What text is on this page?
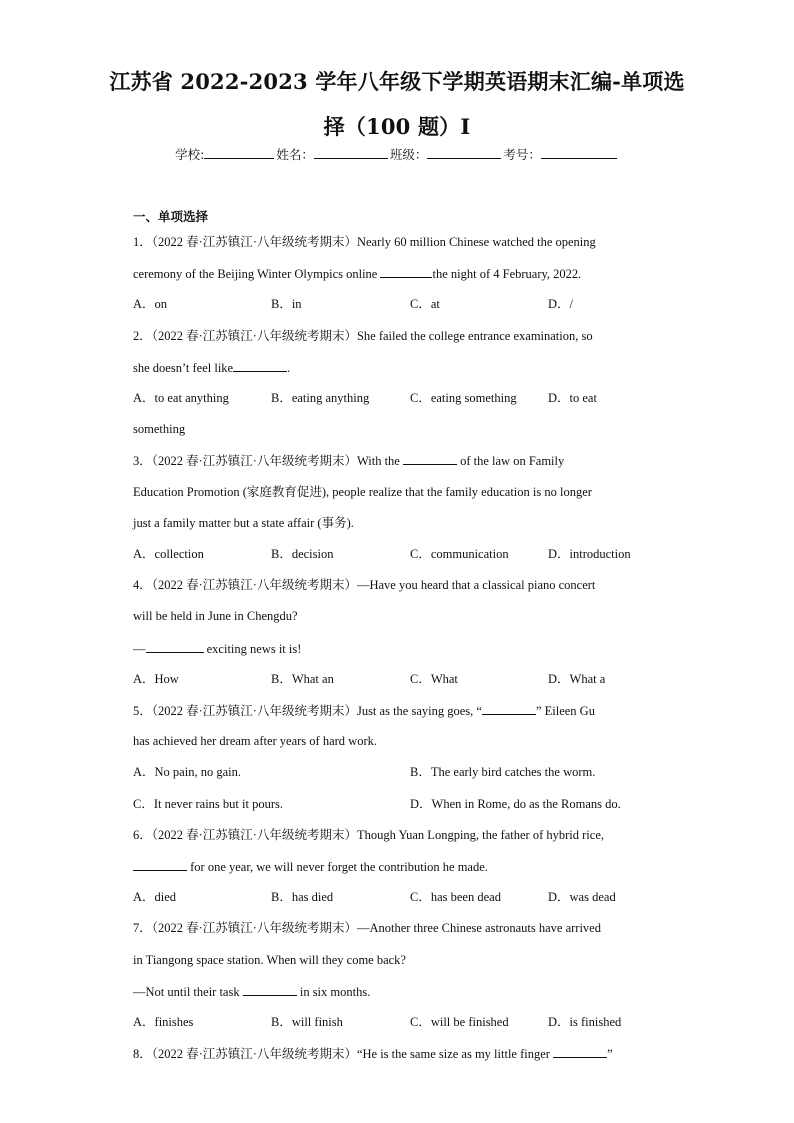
江苏省 2022-2023 学年八年级下学期英语期末汇编-单项选
择（100 题）I
学校:	姓名：	班级：	考号：
一、单项选择
1．（2022 春·江苏镇江·八年级统考期末）Nearly 60 million Chinese watched the opening
ceremony of the Beijing Winter Olympics online	the night of 4 February, 2022.
A．on	B．in	C．at	D．/
2．（2022 春·江苏镇江·八年级统考期末）She failed the college entrance examination, so
she doesn’t feel like	.
A．to eat anything	B．eating anything	C．eating something	D．to eat
something
3．（2022 春·江苏镇江·八年级统考期末）With the	of the law on Family
Education Promotion (家庭教育促进), people realize that the family education is no longer
just a family matter but a state affair (事务).
A．collection	B．decision	C．communication	D．introduction
4．（2022 春·江苏镇江·八年级统考期末）—Have you heard that a classical piano concert
will be held in June in Chengdu?
—	exciting news it is!
A．How	B．What an	C．What	D．What a
5．（2022 春·江苏镇江·八年级统考期末）Just as the saying goes, “	” Eileen Gu
has achieved her dream after years of hard work.
A．No pain, no gain.	B．The early bird catches the worm.
C．It never rains but it pours.	D．When in Rome, do as the Romans do.
6．（2022 春·江苏镇江·八年级统考期末）Though Yuan Longping, the father of hybrid rice,
for one year, we will never forget the contribution he made.
A．died	B．has died	C．has been dead	D．was dead
7．（2022 春·江苏镇江·八年级统考期末）—Another three Chinese astronauts have arrived
in Tiangong space station. When will they come back?
—Not until their task	in six months.
A．finishes	B．will finish	C．will be finished	D．is finished
8．（2022 春·江苏镇江·八年级统考期末）“He is the same size as my little finger	”
